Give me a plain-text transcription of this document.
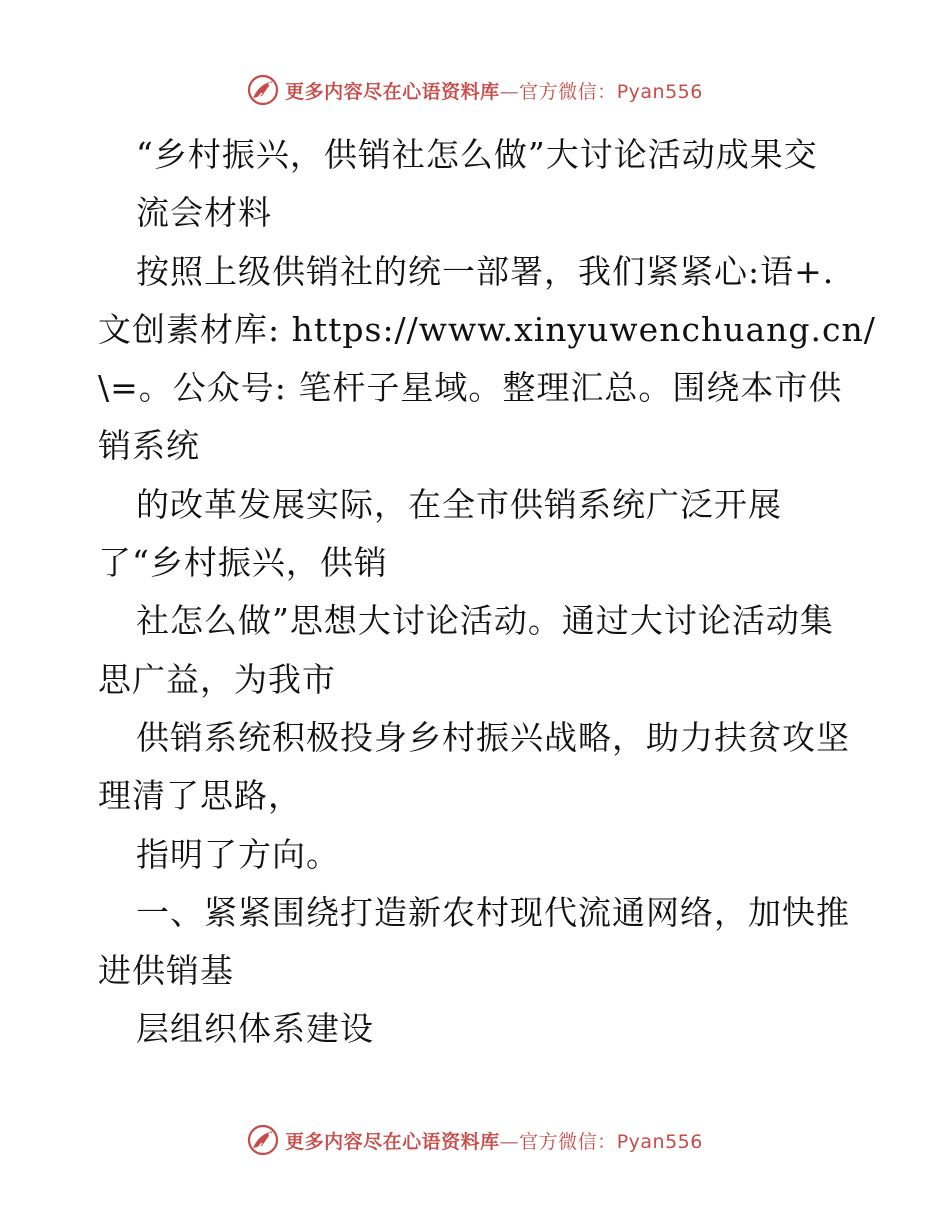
更多内容尽在心语资料库—官方微信：Pyan556
“乡村振兴，供销社怎么做”大讨论活动成果交
流会材料
按照上级供销社的统一部署，我们紧紧心:语+.
文创素材库: https://www.xinyuwenchuang.cn/
\=。公众号: 笔杆子星域。整理汇总。围绕本市供
销系统
的改革发展实际，在全市供销系统广泛开展
了“乡村振兴，供销
社怎么做”思想大讨论活动。通过大讨论活动集
思广益，为我市
供销系统积极投身乡村振兴战略，助力扶贫攻坚
理清了思路，
指明了方向。
一、紧紧围绕打造新农村现代流通网络，加快推
进供销基
层组织体系建设
更多内容尽在心语资料库—官方微信：Pyan556
